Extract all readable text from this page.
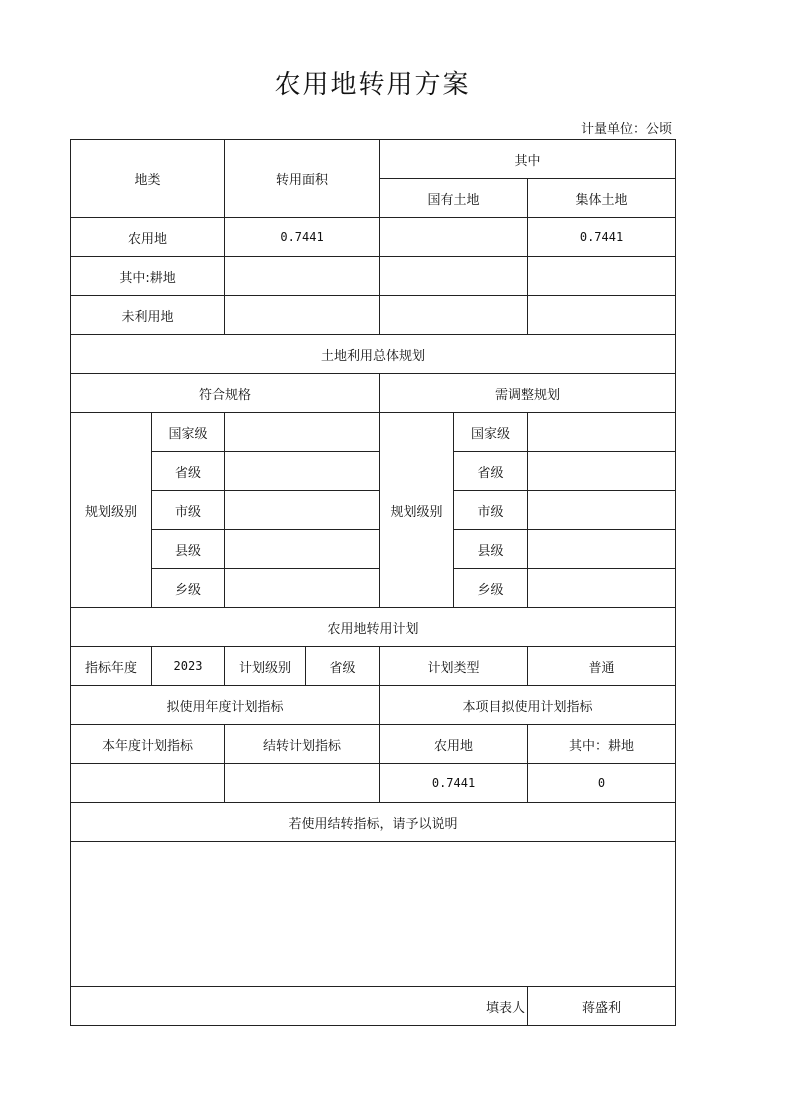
农用地转用方案
计量单位：公顷
地类		转用面积		其中		
				国有土地		集体土地
农用地		0.7441				0.7441
其中:耕地						
未利用地						
土地利用总体规划						
符合规格				需调整规划		
规划级别	国家级			规划级别	国家级	
	省级				省级	
	市级				市级	
	县级				县级	
	乡级				乡级	
农用地转用计划						
指标年度	2023	计划级别	省级	计划类型		普通
拟使用年度计划指标				本项目拟使用计划指标		
本年度计划指标		结转计划指标		农用地		其中：耕地
				0.7441		0
若使用结转指标，请予以说明						

填表人						蒋盛利
